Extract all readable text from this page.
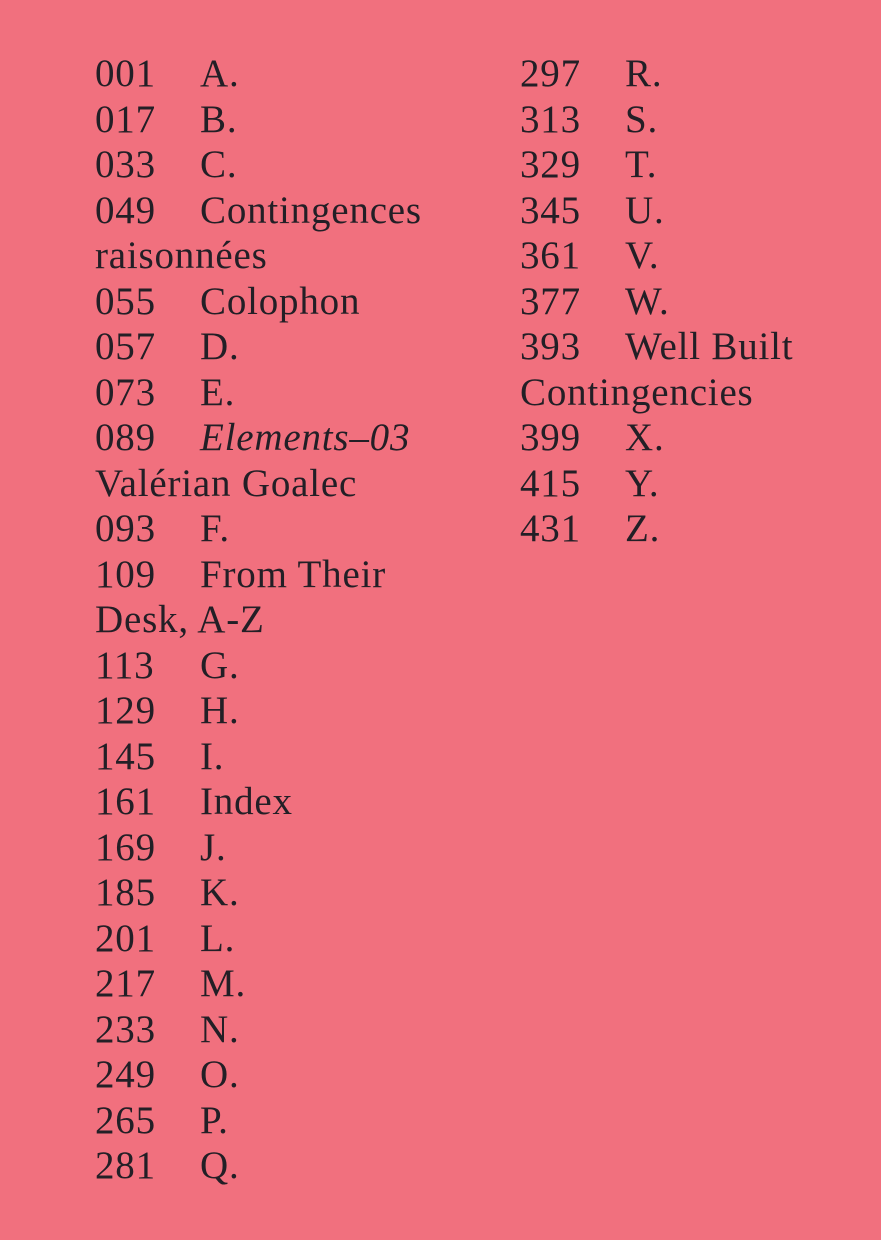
001 A.
017 B.
033 C.
049 Contingences raisonnées
055 Colophon
057 D.
073 E.
089 Elements–03 Valérian Goalec
093 F.
109 From Their Desk, A-Z
113 G.
129 H.
145 I.
161 Index
169 J.
185 K.
201 L.
217 M.
233 N.
249 O.
265 P.
281 Q.
297 R.
313 S.
329 T.
345 U.
361 V.
377 W.
393 Well Built Contingencies
399 X.
415 Y.
431 Z.
